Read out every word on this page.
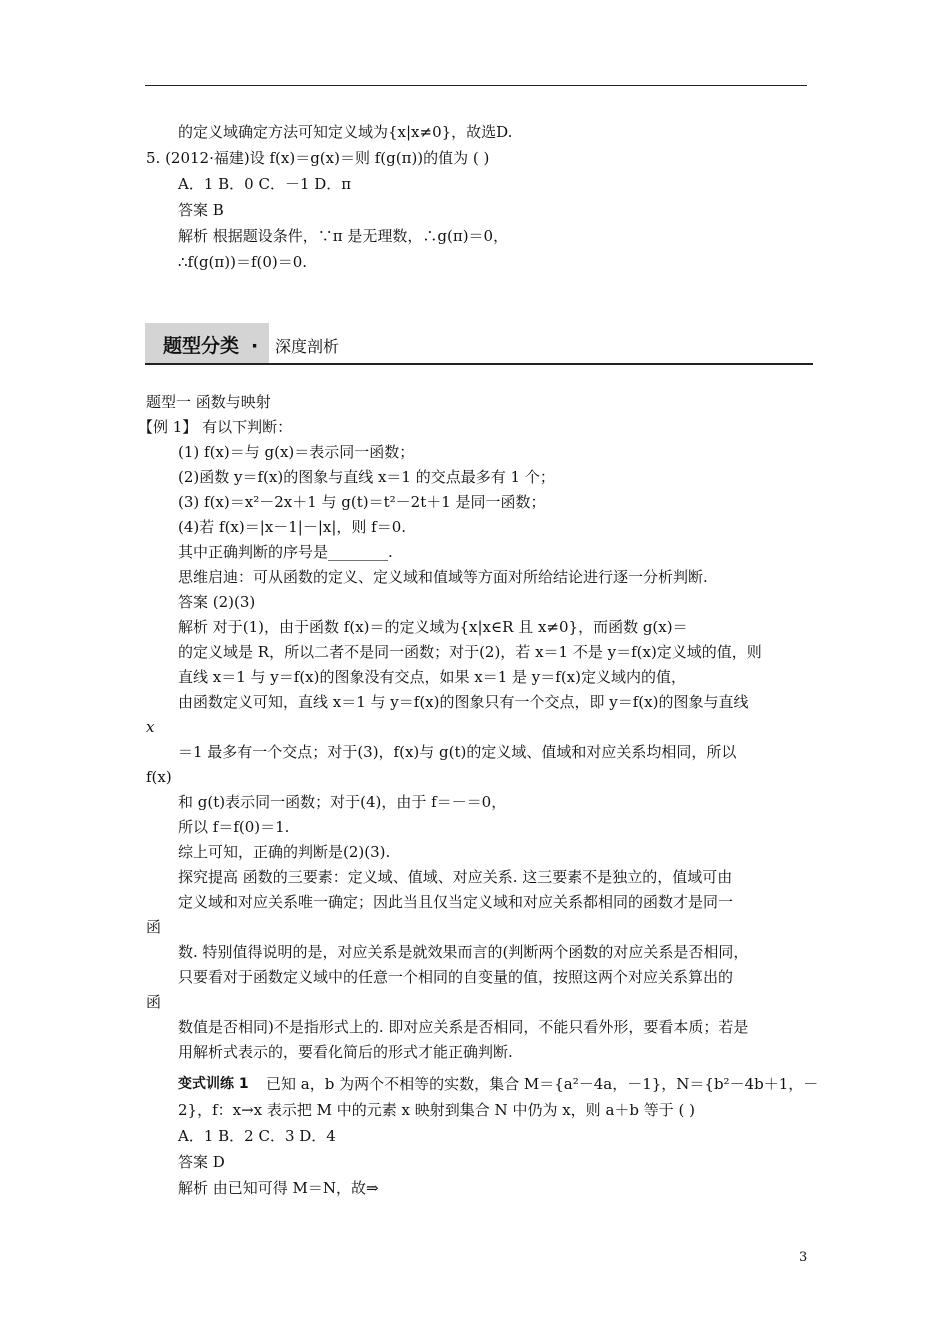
的定义域确定方法可知定义域为{x|x≠0}，故选D.
5. (2012·福建)设 f(x)＝g(x)＝则 f(g(π))的值为 ( )
A．1 B．0 C．－1 D．π
答案 B
解析 根据题设条件，∵π 是无理数，∴g(π)＝0，
∴f(g(π))＝f(0)＝0.
题型分类 · 深度剖析
题型一 函数与映射
【例 1】 有以下判断：
(1) f(x)＝与 g(x)＝表示同一函数；
(2)函数 y＝f(x)的图象与直线 x＝1 的交点最多有 1 个；
(3) f(x)＝x²－2x＋1 与 g(t)＝t²－2t＋1 是同一函数；
(4)若 f(x)＝|x－1|－|x|，则 f＝0.
其中正确判断的序号是________.
思维启迪：可从函数的定义、定义域和值域等方面对所给结论进行逐一分析判断.
答案 (2)(3)
解析 对于(1)，由于函数 f(x)＝的定义域为{x|x∈R 且 x≠0}，而函数 g(x)＝
的定义域是 R，所以二者不是同一函数；对于(2)，若 x＝1 不是 y＝f(x)定义域的值，则
直线 x＝1 与 y＝f(x)的图象没有交点，如果 x＝1 是 y＝f(x)定义域内的值，
由函数定义可知，直线 x＝1 与 y＝f(x)的图象只有一个交点，即 y＝f(x)的图象与直线
x
＝1 最多有一个交点；对于(3)，f(x)与 g(t)的定义域、值域和对应关系均相同，所以
f(x)
和 g(t)表示同一函数；对于(4)，由于 f＝－＝0，
所以 f＝f(0)＝1.
综上可知，正确的判断是(2)(3).
探究提高 函数的三要素：定义域、值域、对应关系. 这三要素不是独立的，值域可由
定义域和对应关系唯一确定；因此当且仅当定义域和对应关系都相同的函数才是同一
函
数. 特别值得说明的是，对应关系是就效果而言的(判断两个函数的对应关系是否相同，
只要看对于函数定义域中的任意一个相同的自变量的值，按照这两个对应关系算出的
函
数值是否相同)不是指形式上的. 即对应关系是否相同，不能只看外形，要看本质；若是
用解析式表示的，要看化简后的形式才能正确判断.
变式训练 1 已知 a，b 为两个不相等的实数，集合 M＝{a²－4a，－1}，N＝{b²－4b＋1，－
2}，f：x→x 表示把 M 中的元素 x 映射到集合 N 中仍为 x，则 a＋b 等于 ( )
A．1 B．2 C．3 D．4
答案 D
解析 由已知可得 M＝N，故⇒
3
